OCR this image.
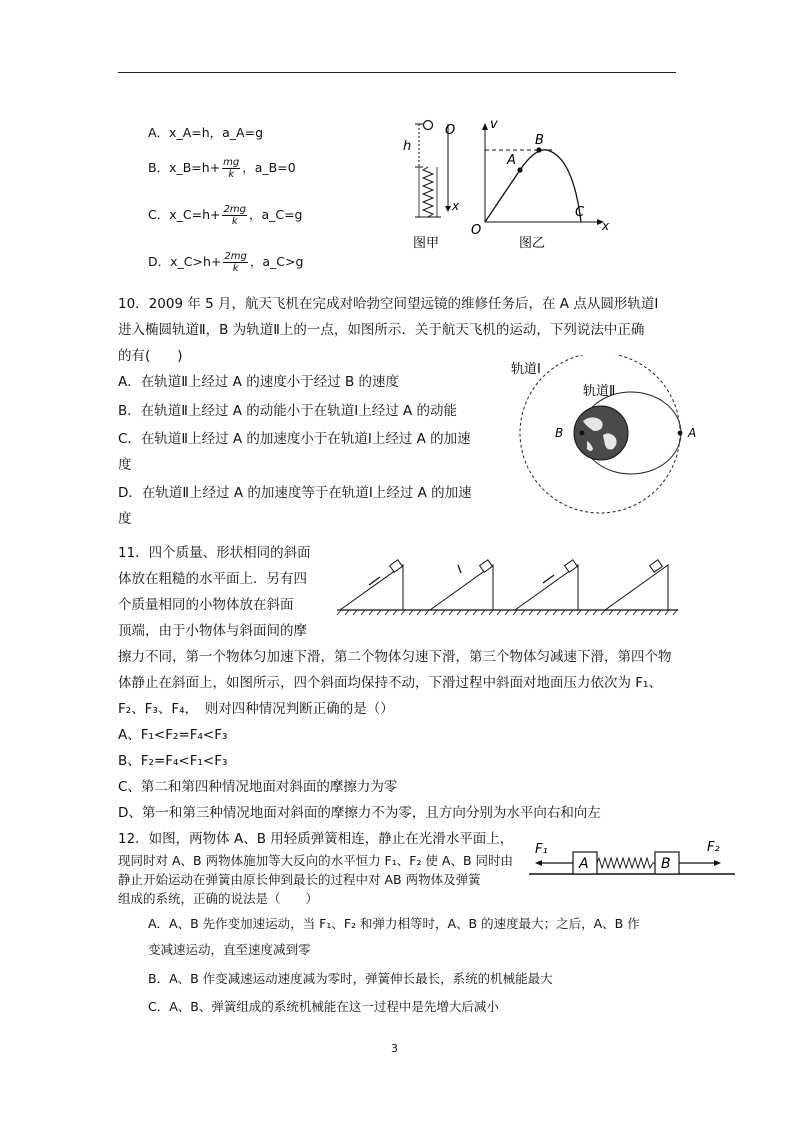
A．x_A=h，a_A=g
B．x_B=h+ $\frac{mg}{k}$ ，a_B=0
C．x_C=h+ $\frac{2mg}{k}$ ，a_C=g
D．x_C>h+ $\frac{2mg}{k}$ ，a_C>g
h
O
x
图甲
v
A
B
C
O	x
图乙
10．2009 年 5 月，航天飞机在完成对哈勃空间望远镜的维修任务后，在 A 点从圆形轨道Ⅰ
进入椭圆轨道Ⅱ，B 为轨道Ⅱ上的一点，如图所示．关于航天飞机的运动，下列说法中正确
的有(　　)
A．在轨道Ⅱ上经过 A 的速度小于经过 B 的速度
B．在轨道Ⅱ上经过 A 的动能小于在轨道Ⅰ上经过 A 的动能
C．在轨道Ⅱ上经过 A 的加速度小于在轨道Ⅰ上经过 A 的加速
度
D．在轨道Ⅱ上经过 A 的加速度等于在轨道Ⅰ上经过 A 的加速
度
轨道Ⅰ
轨道Ⅱ
B	A
11．四个质量、形状相同的斜面
体放在粗糙的水平面上．另有四
个质量相同的小物体放在斜面
顶端，由于小物体与斜面间的摩
擦力不同，第一个物体匀加速下滑，第二个物体匀速下滑，第三个物体匀减速下滑，第四个物
体静止在斜面上，如图所示，四个斜面均保持不动，下滑过程中斜面对地面压力依次为 F₁、
F₂、F₃、F₄，　则对四种情况判断正确的是（）
A、F₁<F₂=F₄<F₃
B、F₂=F₄<F₁<F₃
C、第二和第四种情况地面对斜面的摩擦力为零
D、第一和第三种情况地面对斜面的摩擦力不为零，且方向分别为水平向右和向左
12．如图，两物体 A、B 用轻质弹簧相连，静止在光滑水平面上，
现同时对 A、B 两物体施加等大反向的水平恒力 F₁、F₂ 使 A、B 同时由
静止开始运动在弹簧由原长伸到最长的过程中对 AB 两物体及弹簧
组成的系统，正确的说法是（　　）
A．A、B 先作变加速运动，当 F₁、F₂ 和弹力相等时，A、B 的速度最大；之后，A、B 作
变减速运动，直至速度减到零
B．A、B 作变减速运动速度减为零时，弹簧伸长最长，系统的机械能最大
C．A、B、弹簧组成的系统机械能在这一过程中是先增大后减小
A	B
F₁	F₂
3
